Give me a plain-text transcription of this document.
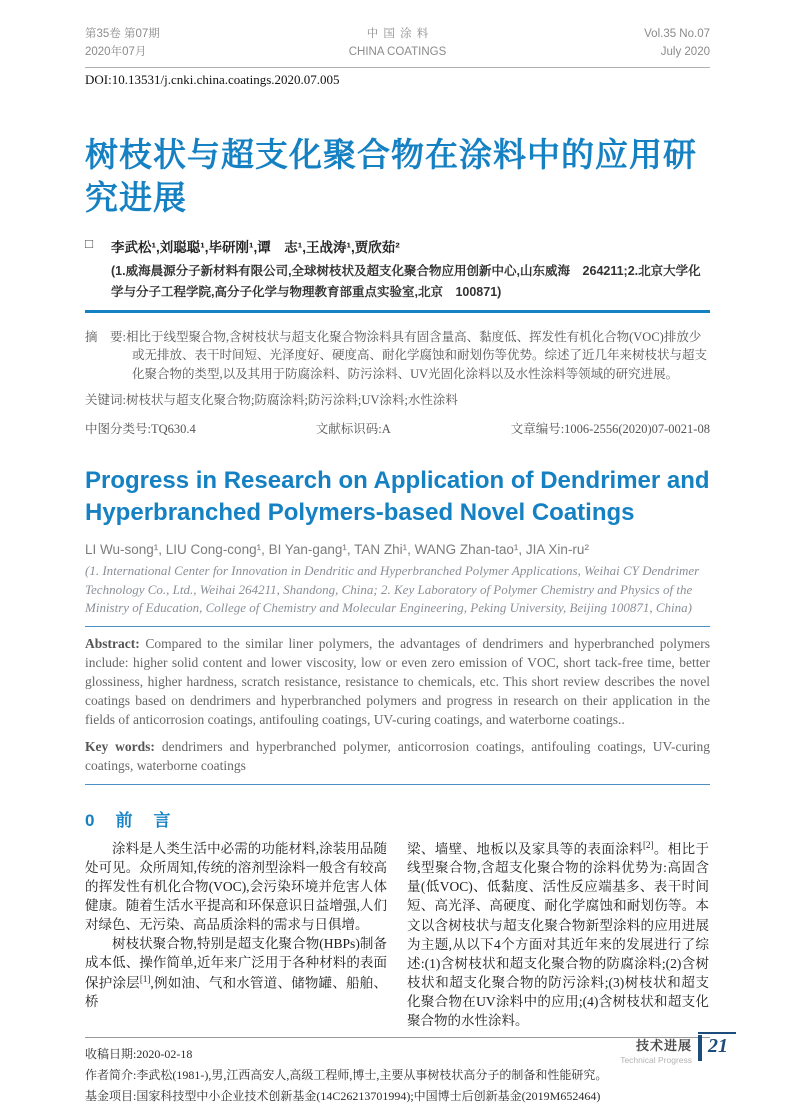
第35卷 第07期
2020年07月
中国涂料
CHINA COATINGS
Vol.35 No.07
July 2020
DOI:10.13531/j.cnki.china.coatings.2020.07.005
树枝状与超支化聚合物在涂料中的应用研究进展
□	李武松¹,刘聪聪¹,毕研刚¹,谭　志¹,王战涛¹,贾欣茹²
(1.威海晨源分子新材料有限公司,全球树枝状及超支化聚合物应用创新中心,山东威海　264211;2.北京大学化学与分子工程学院,高分子化学与物理教育部重点实验室,北京　100871)

摘　要:相比于线型聚合物,含树枝状与超支化聚合物涂料具有固含量高、黏度低、挥发性有机化合物(VOC)排放少或无排放、表干时间短、光泽度好、硬度高、耐化学腐蚀和耐划伤等优势。综述了近几年来树枝状与超支化聚合物的类型,以及其用于防腐涂料、防污涂料、UV光固化涂料以及水性涂料等领域的研究进展。

关键词:树枝状与超支化聚合物;防腐涂料;防污涂料;UV涂料;水性涂料

中图分类号:TQ630.4	文献标识码:A	文章编号:1006-2556(2020)07-0021-08
Progress in Research on Application of Dendrimer and Hyperbranched Polymers-based Novel Coatings
LI Wu-song¹, LIU Cong-cong¹, BI Yan-gang¹, TAN Zhi¹, WANG Zhan-tao¹, JIA Xin-ru²
(1. International Center for Innovation in Dendritic and Hyperbranched Polymer Applications, Weihai CY Dendrimer Technology Co., Ltd., Weihai 264211, Shandong, China; 2. Key Laboratory of Polymer Chemistry and Physics of the Ministry of Education, College of Chemistry and Molecular Engineering, Peking University, Beijing 100871, China)

Abstract: Compared to the similar liner polymers, the advantages of dendrimers and hyperbranched polymers include: higher solid content and lower viscosity, low or even zero emission of VOC, short tack-free time, better glossiness, higher hardness, scratch resistance, resistance to chemicals, etc. This short review describes the novel coatings based on dendrimers and hyperbranched polymers and progress in research on their application in the fields of anticorrosion coatings, antifouling coatings, UV-curing coatings, and waterborne coatings..

Key words: dendrimers and hyperbranched polymer, anticorrosion coatings, antifouling coatings, UV-curing coatings, waterborne coatings

0　前　言

涂料是人类生活中必需的功能材料,涂装用品随处可见。众所周知,传统的溶剂型涂料一般含有较高的挥发性有机化合物(VOC),会污染环境并危害人体健康。随着生活水平提高和环保意识日益增强,人们对绿色、无污染、高品质涂料的需求与日俱增。

树枝状聚合物,特别是超支化聚合物(HBPs)制备成本低、操作简单,近年来广泛用于各种材料的表面保护涂层[1],例如油、气和水管道、储物罐、船舶、桥

梁、墙壁、地板以及家具等的表面涂料[2]。相比于线型聚合物,含超支化聚合物的涂料优势为:高固含量(低VOC)、低黏度、活性反应端基多、表干时间短、高光泽、高硬度、耐化学腐蚀和耐划伤等。本文以含树枝状与超支化聚合物新型涂料的应用进展为主题,从以下4个方面对其近年来的发展进行了综述:(1)含树枝状和超支化聚合物的防腐涂料;(2)含树枝状和超支化聚合物的防污涂料;(3)树枝状和超支化聚合物在UV涂料中的应用;(4)含树枝状和超支化聚合物的水性涂料。

收稿日期:2020-02-18
作者简介:李武松(1981-),男,江西高安人,高级工程师,博士,主要从事树枝状高分子的制备和性能研究。
基金项目:国家科技型中小企业技术创新基金(14C26213701994);中国博士后创新基金(2019M652464)
技术进展
Technical Progress
21
